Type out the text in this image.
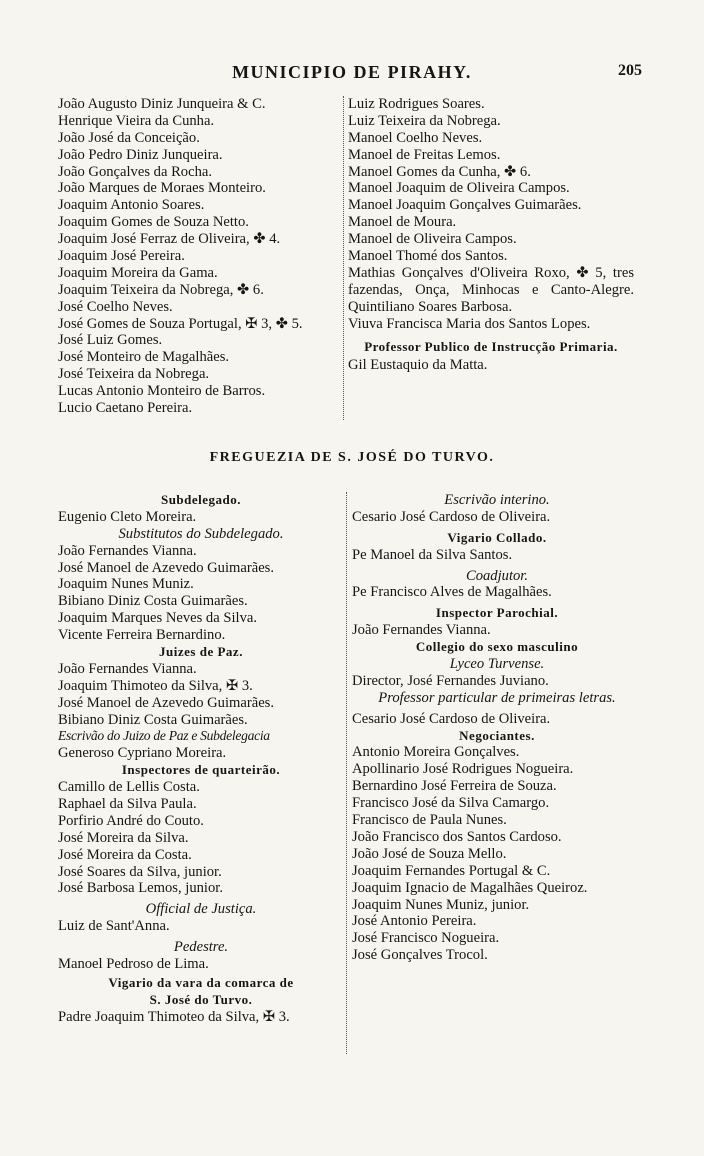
MUNICIPIO DE PIRAHY.	205
João Augusto Diniz Junqueira & C.
Henrique Vieira da Cunha.
João José da Conceição.
João Pedro Diniz Junqueira.
João Gonçalves da Rocha.
João Marques de Moraes Monteiro.
Joaquim Antonio Soares.
Joaquim Gomes de Souza Netto.
Joaquim José Ferraz de Oliveira, ✤ 4.
Joaquim José Pereira.
Joaquim Moreira da Gama.
Joaquim Teixeira da Nobrega, ✤ 6.
José Coelho Neves.
José Gomes de Souza Portugal, ✠ 3, ✤ 5.
José Luiz Gomes.
José Monteiro de Magalhães.
José Teixeira da Nobrega.
Lucas Antonio Monteiro de Barros.
Lucio Caetano Pereira.
Luiz Rodrigues Soares.
Luiz Teixeira da Nobrega.
Manoel Coelho Neves.
Manoel de Freitas Lemos.
Manoel Gomes da Cunha, ✤ 6.
Manoel Joaquim de Oliveira Campos.
Manoel Joaquim Gonçalves Guimarães.
Manoel de Moura.
Manoel de Oliveira Campos.
Manoel Thomé dos Santos.
Mathias Gonçalves d'Oliveira Roxo, ✤ 5, tres fazendas, Onça, Minhocas e Canto-Alegre.
Quintiliano Soares Barbosa.
Viuva Francisca Maria dos Santos Lopes.
Professor Publico de Instrucção Primaria.
Gil Eustaquio da Matta.
FREGUEZIA DE S. JOSÉ DO TURVO.
Subdelegado.
Eugenio Cleto Moreira.
Substitutos do Subdelegado.
João Fernandes Vianna.
José Manoel de Azevedo Guimarães.
Joaquim Nunes Muniz.
Bibiano Diniz Costa Guimarães.
Joaquim Marques Neves da Silva.
Vicente Ferreira Bernardino.
Juizes de Paz.
João Fernandes Vianna.
Joaquim Thimoteo da Silva, ✠ 3.
José Manoel de Azevedo Guimarães.
Bibiano Diniz Costa Guimarães.
Escrivão do Juizo de Paz e Subdelegacia
Generoso Cypriano Moreira.
Inspectores de quarteirão.
Camillo de Lellis Costa.
Raphael da Silva Paula.
Porfirio André do Couto.
José Moreira da Silva.
José Moreira da Costa.
José Soares da Silva, junior.
José Barbosa Lemos, junior.
Official de Justiça.
Luiz de Sant'Anna.
Pedestre.
Manoel Pedroso de Lima.
Vigario da vara da comarca de
S. José do Turvo.
Padre Joaquim Thimoteo da Silva, ✠ 3.
Escrivão interino.
Cesario José Cardoso de Oliveira.
Vigario Collado.
Pe Manoel da Silva Santos.
Coadjutor.
Pe Francisco Alves de Magalhães.
Inspector Parochial.
João Fernandes Vianna.
Collegio do sexo masculino
Lyceo Turvense.
Director, José Fernandes Juviano.
Professor particular de primeiras letras.
Cesario José Cardoso de Oliveira.
Negociantes.
Antonio Moreira Gonçalves.
Apollinario José Rodrigues Nogueira.
Bernardino José Ferreira de Souza.
Francisco José da Silva Camargo.
Francisco de Paula Nunes.
João Francisco dos Santos Cardoso.
João José de Souza Mello.
Joaquim Fernandes Portugal & C.
Joaquim Ignacio de Magalhães Queiroz.
Joaquim Nunes Muniz, junior.
José Antonio Pereira.
José Francisco Nogueira.
José Gonçalves Trocol.
